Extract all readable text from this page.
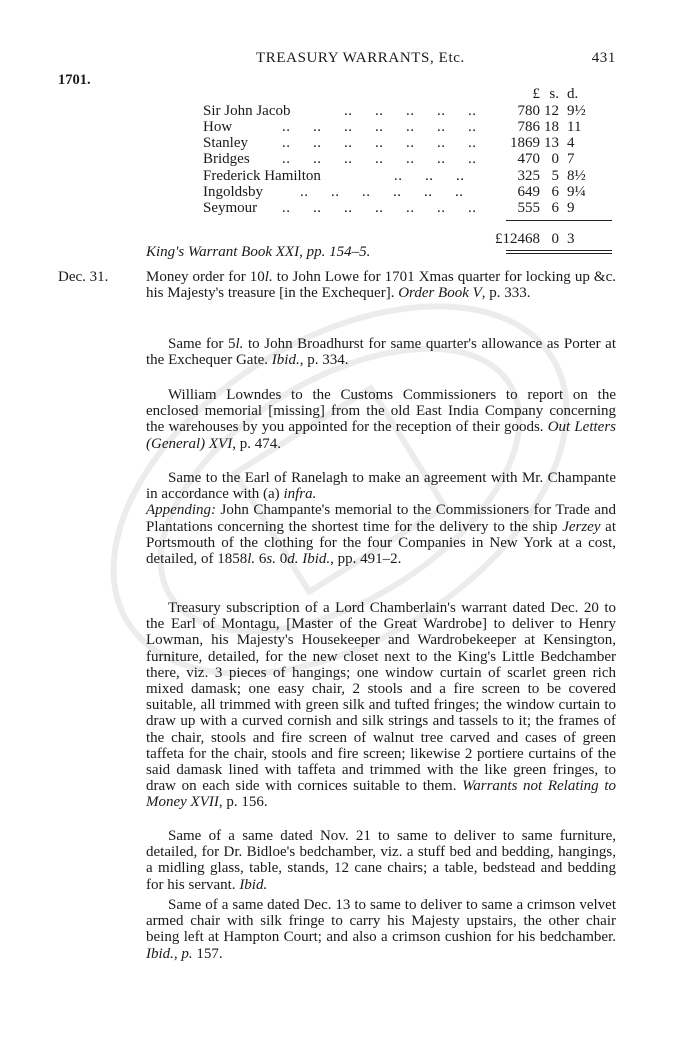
TREASURY WARRANTS, Etc.	431
1701.
£ s. d.
Sir John Jacob	.. .. .. .. ..	780 12 9½
How	.. .. .. .. .. .. ..	786 18 11
Stanley .. .. .. .. .. .. ..	1869 13 4
Bridges .. .. .. .. .. .. ..	470 0 7
Frederick Hamilton	.. .. ..	325 5 8½
Ingoldsby .. .. .. .. .. ..	649 6 9¼
Seymour .. .. .. .. .. .. ..	555 6 9
£12468 0 3
King's Warrant Book XXI, pp. 154–5.
Dec. 31.	Money order for 10l. to John Lowe for 1701 Xmas quarter for locking up &c. his Majesty's treasure [in the Exchequer]. Order Book V, p. 333.
Same for 5l. to John Broadhurst for same quarter's allowance as Porter at the Exchequer Gate. Ibid., p. 334.
William Lowndes to the Customs Commissioners to report on the enclosed memorial [missing] from the old East India Company concerning the warehouses by you appointed for the reception of their goods. Out Letters (General) XVI, p. 474.
Same to the Earl of Ranelagh to make an agreement with Mr. Champante in accordance with (a) infra.
Appending: John Champante's memorial to the Commissioners for Trade and Plantations concerning the shortest time for the delivery to the ship Jerzey at Portsmouth of the clothing for the four Companies in New York at a cost, detailed, of 1858l. 6s. 0d. Ibid., pp. 491–2.
Treasury subscription of a Lord Chamberlain's warrant dated Dec. 20 to the Earl of Montagu, [Master of the Great Wardrobe] to deliver to Henry Lowman, his Majesty's Housekeeper and Wardrobekeeper at Kensington, furniture, detailed, for the new closet next to the King's Little Bedchamber there, viz. 3 pieces of hangings; one window curtain of scarlet green rich mixed damask; one easy chair, 2 stools and a fire screen to be covered suitable, all trimmed with green silk and tufted fringes; the window curtain to draw up with a curved cornish and silk strings and tassels to it; the frames of the chair, stools and fire screen of walnut tree carved and cases of green taffeta for the chair, stools and fire screen; likewise 2 portiere curtains of the said damask lined with taffeta and trimmed with the like green fringes, to draw on each side with cornices suitable to them. Warrants not Relating to Money XVII, p. 156.
Same of a same dated Nov. 21 to same to deliver to same furniture, detailed, for Dr. Bidloe's bedchamber, viz. a stuff bed and bedding, hangings, a midling glass, table, stands, 12 cane chairs; a table, bedstead and bedding for his servant. Ibid.
Same of a same dated Dec. 13 to same to deliver to same a crimson velvet armed chair with silk fringe to carry his Majesty upstairs, the other chair being left at Hampton Court; and also a crimson cushion for his bedchamber. Ibid., p. 157.
